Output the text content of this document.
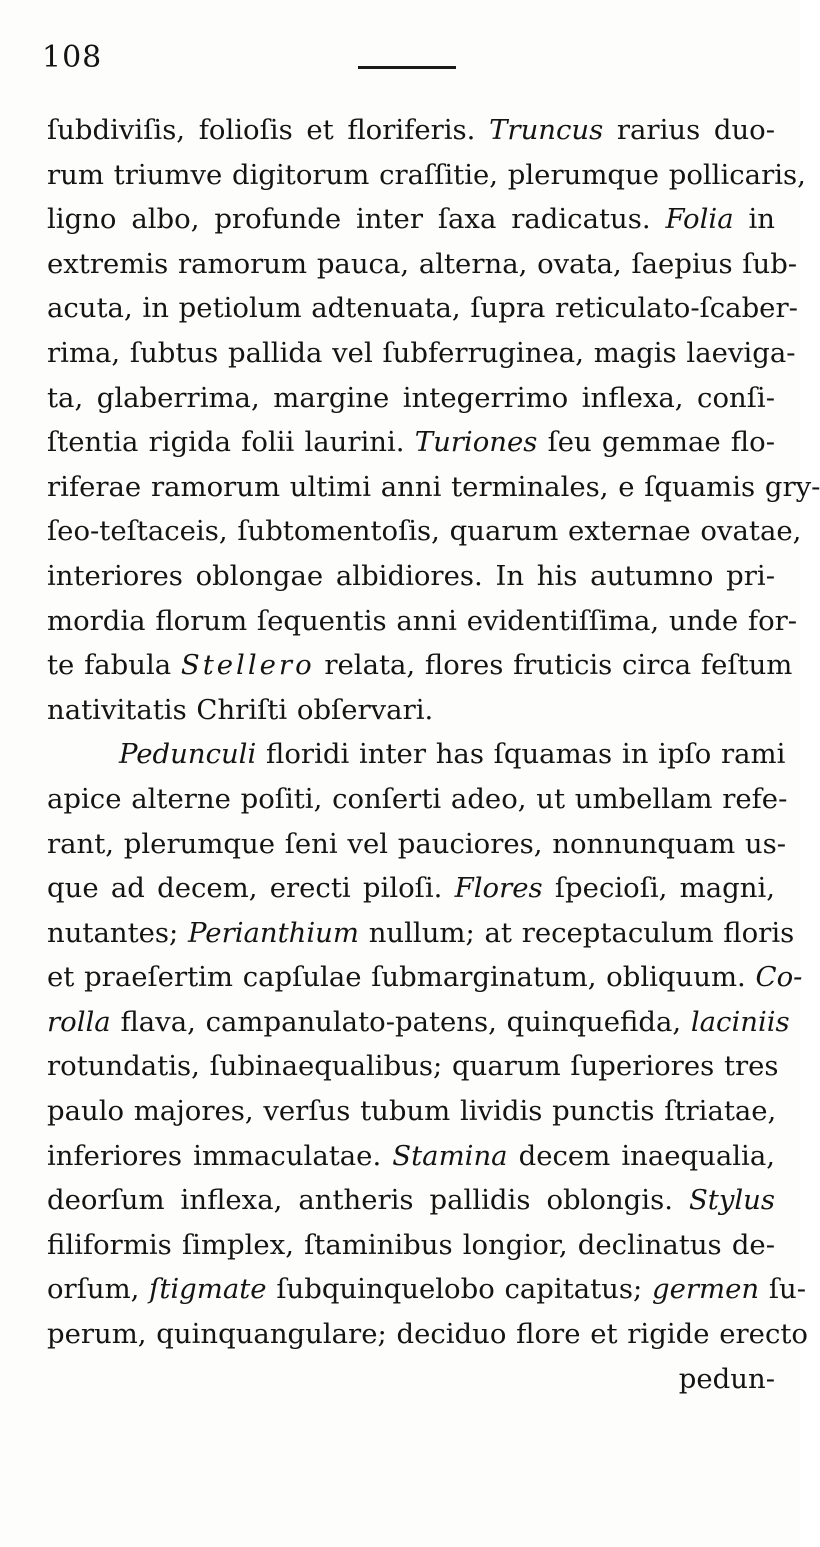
108
ſubdiviſis, folioſis et floriferis. Truncus rarius duo-
rum triumve digitorum craſſitie, plerumque pollicaris,
ligno albo, profunde inter ſaxa radicatus. Folia in
extremis ramorum pauca, alterna, ovata, ſaepius ſub-
acuta, in petiolum adtenuata, ſupra reticulato-ſcaber-
rima, ſubtus pallida vel ſubferruginea, magis laeviga-
ta, glaberrima, margine integerrimo inflexa, conſi-
ſtentia rigida folii laurini. Turiones ſeu gemmae flo-
riferae ramorum ultimi anni terminales, e ſquamis gry-
ſeo-teſtaceis, ſubtomentoſis, quarum externae ovatae,
interiores oblongae albidiores. In his autumno pri-
mordia florum ſequentis anni evidentiſſima, unde for-
te fabula Stellero relata, flores fruticis circa feſtum
nativitatis Chriſti obſervari.
Pedunculi floridi inter has ſquamas in ipſo rami
apice alterne poſiti, conſerti adeo, ut umbellam refe-
rant, plerumque ſeni vel pauciores, nonnunquam us-
que ad decem, erecti piloſi. Flores ſpecioſi, magni,
nutantes; Perianthium nullum; at receptaculum floris
et praeſertim capſulae ſubmarginatum, obliquum. Co-
rolla flava, campanulato-patens, quinquefida, laciniis
rotundatis, ſubinaequalibus; quarum ſuperiores tres
paulo majores, verſus tubum lividis punctis ſtriatae,
inferiores immaculatae. Stamina decem inaequalia,
deorſum inflexa, antheris pallidis oblongis. Stylus
filiformis ſimplex, ſtaminibus longior, declinatus de-
orſum, ſtigmate ſubquinquelobo capitatus; germen ſu-
perum, quinquangulare; deciduo flore et rigide erecto
pedun-
